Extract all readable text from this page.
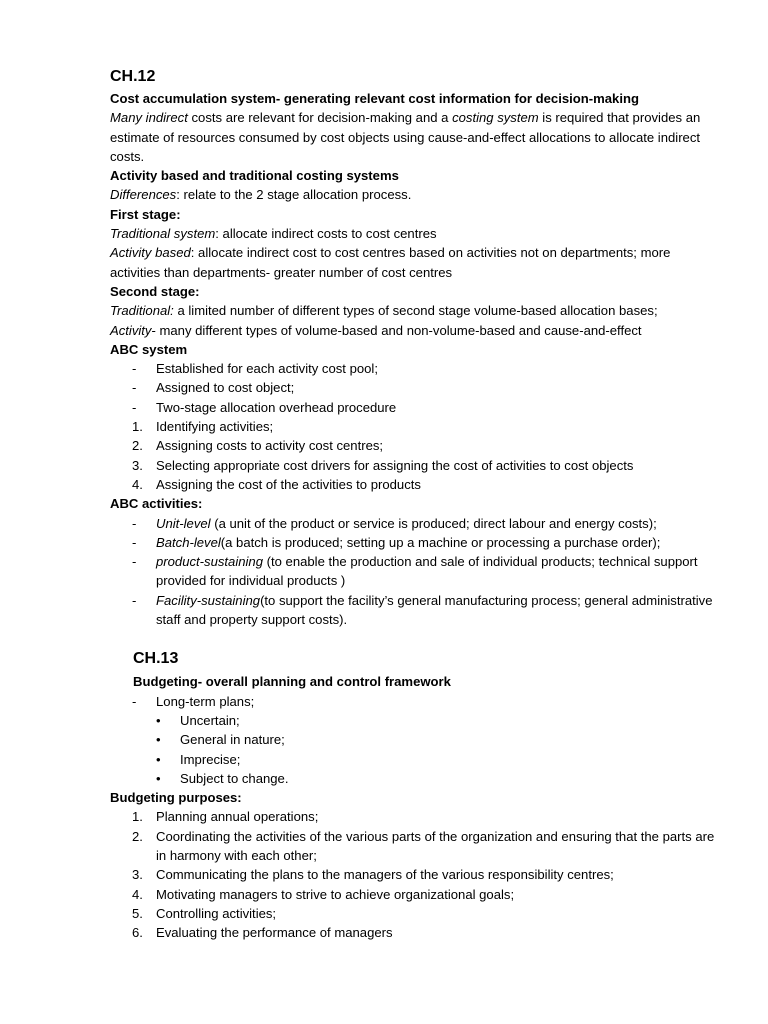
CH.12
Cost accumulation system- generating relevant cost information for decision-making
Many indirect costs are relevant for decision-making and a costing system is required that provides an estimate of resources consumed by cost objects using cause-and-effect allocations to allocate indirect costs.
Activity based and traditional costing systems
Differences: relate to the 2 stage allocation process.
First stage:
Traditional system: allocate indirect costs to cost centres
Activity based: allocate indirect cost to cost centres based on activities not on departments; more activities than departments- greater number of cost centres
Second stage:
Traditional: a limited number of different types of second stage volume-based allocation bases;
Activity- many different types of volume-based and non-volume-based and cause-and-effect
ABC system
- Established for each activity cost pool;
- Assigned to cost object;
- Two-stage allocation overhead procedure
1. Identifying activities;
2. Assigning costs to activity cost centres;
3. Selecting appropriate cost drivers for assigning the cost of activities to cost objects
4. Assigning the cost of the activities to products
ABC activities:
- Unit-level (a unit of the product or service is produced; direct labour and energy costs);
- Batch-level(a batch is produced; setting up a machine or processing a purchase order);
- product-sustaining (to enable the production and sale of individual products; technical support provided for individual products )
- Facility-sustaining(to support the facility’s general manufacturing process; general administrative staff and property support costs).
CH.13
Budgeting- overall planning and control framework
- Long-term plans;
• Uncertain;
• General in nature;
• Imprecise;
• Subject to change.
Budgeting purposes:
1. Planning annual operations;
2. Coordinating the activities of the various parts of the organization and ensuring that the parts are in harmony with each other;
3. Communicating the plans to the managers of the various responsibility centres;
4. Motivating managers to strive to achieve organizational goals;
5. Controlling activities;
6. Evaluating the performance of managers
